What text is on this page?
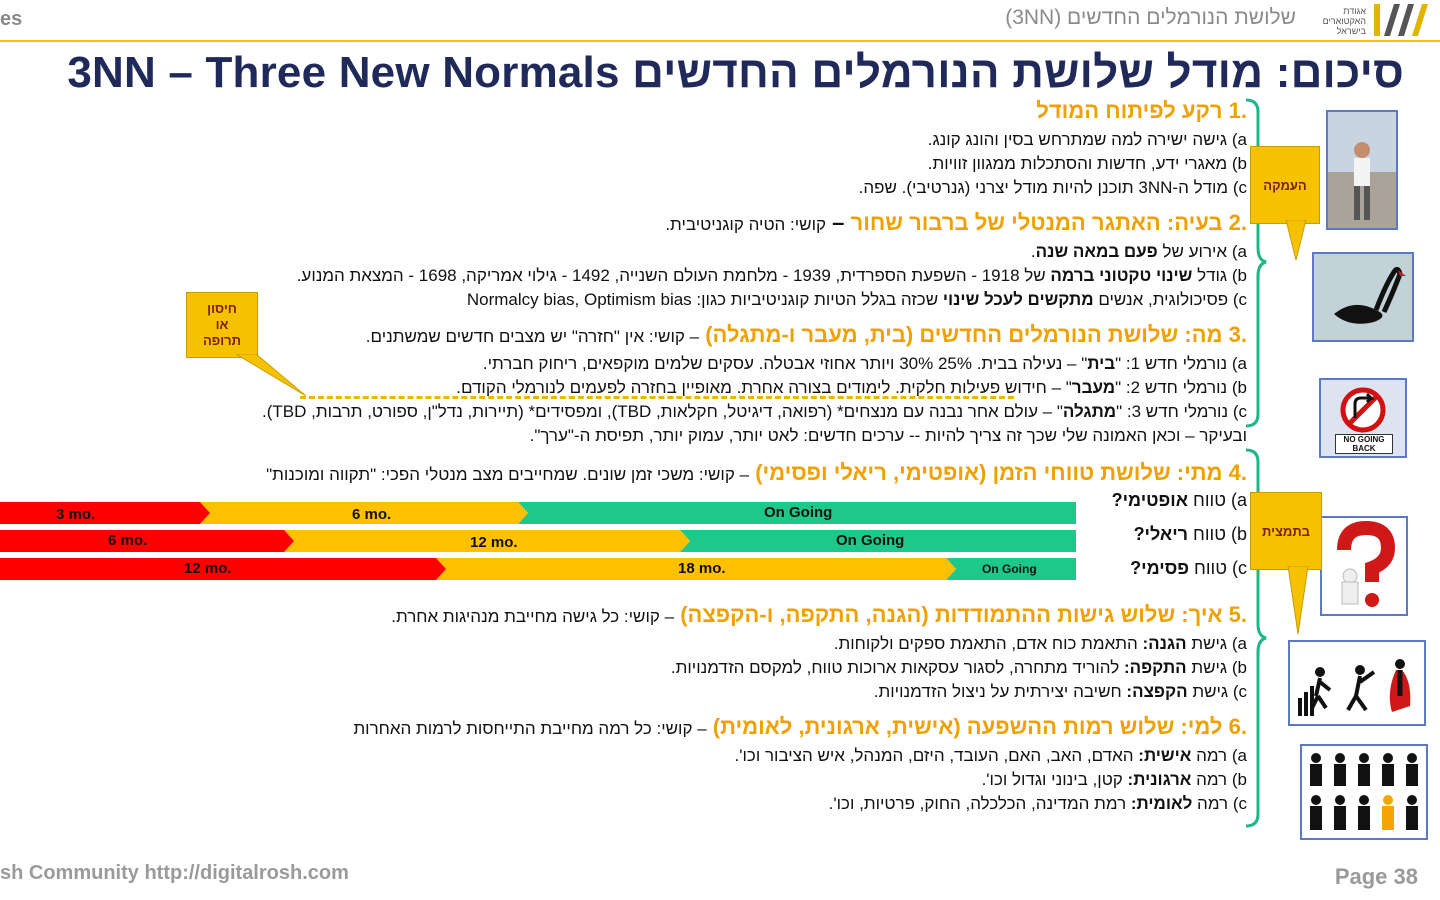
es	שלושת הנורמלים החדשים (3NN)	אגודת האקטוארים בישראל
סיכום: מודל שלושת הנורמלים החדשים 3NN – Three New Normals
NO GOING BACK
העמקה
חיסון
או
תרופה
בתמצית
.1 רקע לפיתוח המודל
a) גישה ישירה למה שמתרחש בסין והונג קונג.
b) מאגרי ידע, חדשות והסתכלות ממגוון זוויות.
c) מודל ה-3NN תוכנן להיות מודל יצרני (גנרטיבי). שפה.
.2 בעיה: האתגר המנטלי של ברבור שחור – קושי: הטיה קוגניטיבית.
a) אירוע של פעם במאה שנה.
b) גודל שינוי טקטוני ברמה של 1918 - השפעת הספרדית, 1939 - מלחמת העולם השנייה, 1492 - גילוי אמריקה, 1698 - המצאת המנוע.
c) פסיכולוגית, אנשים מתקשים לעכל שינוי שכזה בגלל הטיות קוגניטיביות כגון: Normalcy bias, Optimism bias
.3 מה: שלושת הנורמלים החדשים (בית, מעבר ו-מתגלה) – קושי: אין "חזרה" יש מצבים חדשים שמשתנים.
a) נורמלי חדש 1: "בית" – נעילה בבית. 25% 30% ויותר אחוזי אבטלה. עסקים שלמים מוקפאים, ריחוק חברתי.
b) נורמלי חדש 2: "מעבר" – חידוש פעילות חלקית. לימודים בצורה אחרת. מאופיין בחזרה לפעמים לנורמלי הקודם.
c) נורמלי חדש 3: "מתגלה" – עולם אחר נבנה עם מנצחים* (רפואה, דיגיטל, חקלאות, TBD), ומפסידים* (תיירות, נדל"ן, ספורט, תרבות, TBD).
ובעיקר – וכאן האמונה שלי שכך זה צריך להיות -- ערכים חדשים: לאט יותר, עמוק יותר, תפיסת ה-"ערך".
.4 מתי: שלושת טווחי הזמן (אופטימי, ריאלי ופסימי) – קושי: משכי זמן שונים. שמחייבים מצב מנטלי הפכי: "תקווה ומוכנות"
a) טווח אופטימי?
b) טווח ריאלי?
c) טווח פסימי?
3 mo.	6 mo.	On Going
6 mo.	12 mo.	On Going
12 mo.	18 mo.	On Going
.5 איך: שלוש גישות ההתמודדות (הגנה, התקפה, ו-הקפצה) – קושי: כל גישה מחייבת מנהיגות אחרת.
a) גישת הגנה: התאמת כוח אדם, התאמת ספקים ולקוחות.
b) גישת התקפה: להוריד מתחרה, לסגור עסקאות ארוכות טווח, למקסם הזדמנויות.
c) גישת הקפצה: חשיבה יצירתית על ניצול הזדמנויות.
.6 למי: שלוש רמות ההשפעה (אישית, ארגונית, לאומית) – קושי: כל רמה מחייבת התייחסות לרמות האחרות
a) רמה אישית: האדם, האב, האם, העובד, היזם, המנהל, איש הציבור וכו'.
b) רמה ארגונית: קטן, בינוני וגדול וכו'.
c) רמה לאומית: רמת המדינה, הכלכלה, החוק, פרטיות, וכו'.
sh Community http://digitalrosh.com	Page 38
